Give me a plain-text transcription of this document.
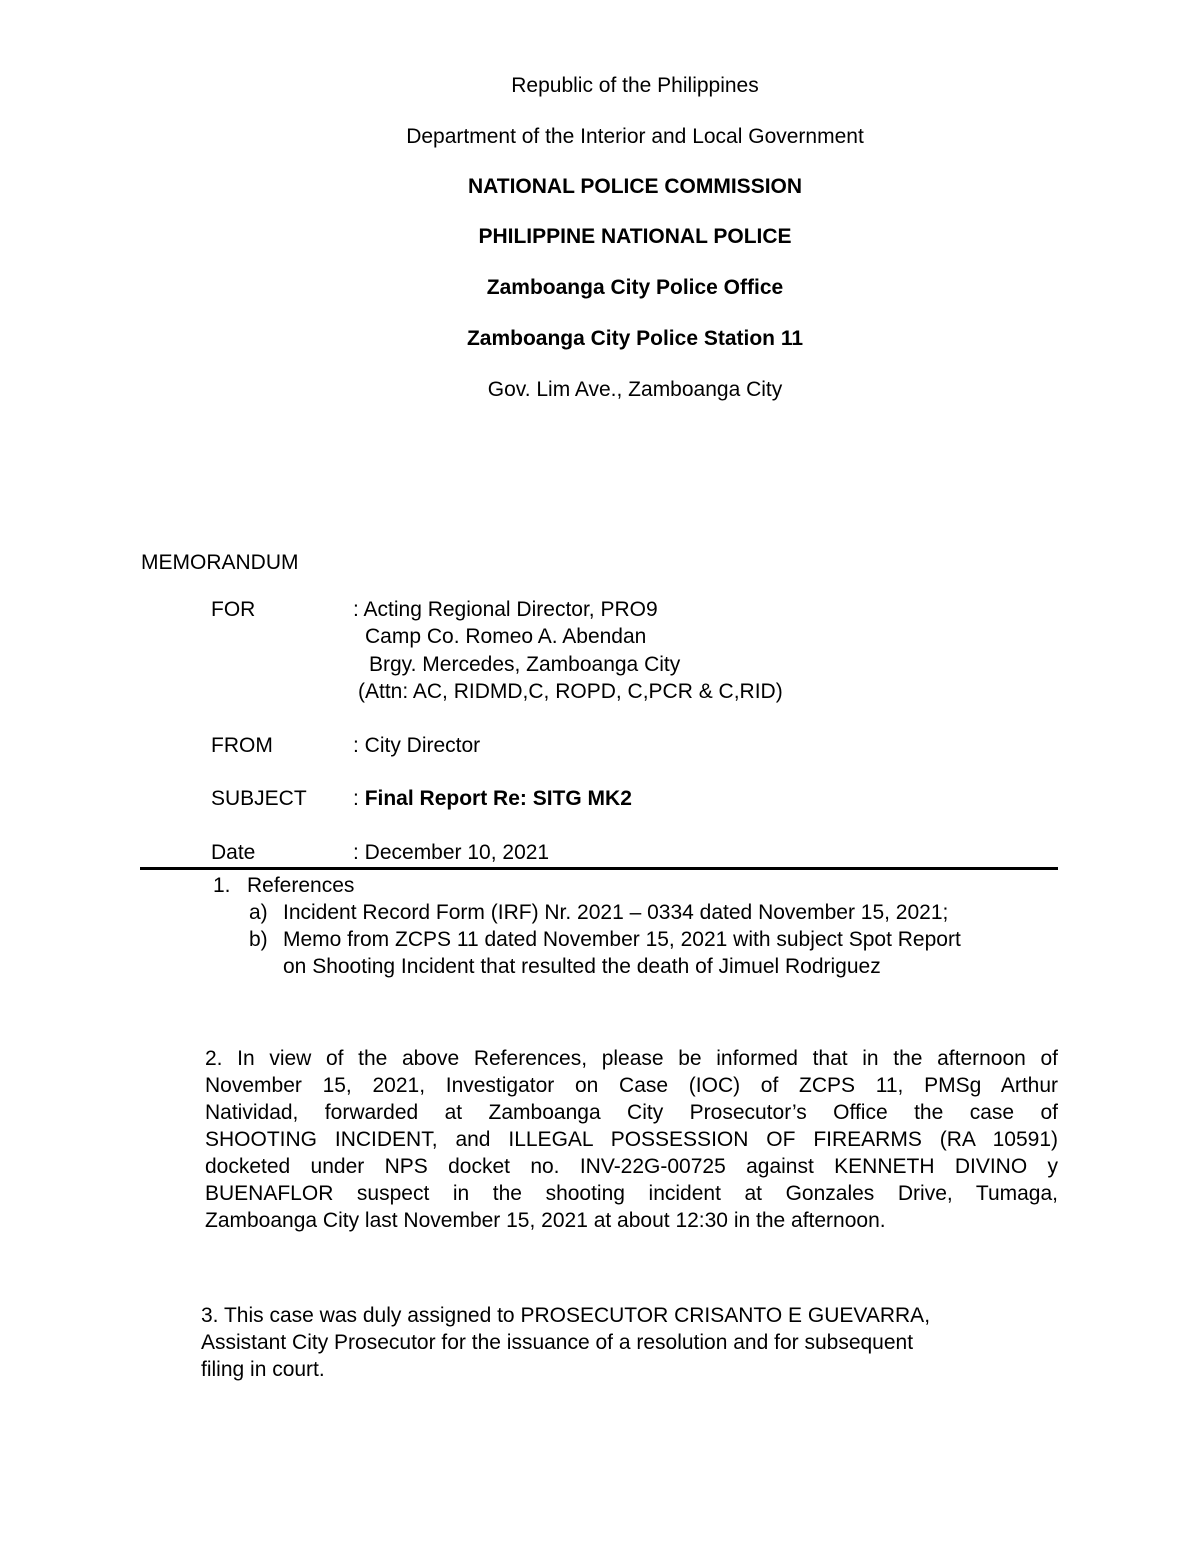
Republic of the Philippines
Department of the Interior and Local Government
NATIONAL POLICE COMMISSION
PHILIPPINE NATIONAL POLICE
Zamboanga City Police Office
Zamboanga City Police Station 11
Gov. Lim Ave., Zamboanga City
MEMORANDUM
FOR	: Acting Regional Director, PRO9
Camp Co. Romeo A. Abendan
Brgy. Mercedes, Zamboanga City
(Attn: AC, RIDMD,C, ROPD, C,PCR & C,RID)
FROM	: City Director
SUBJECT : Final Report Re: SITG MK2
Date	: December 10, 2021
1. References
a) Incident Record Form (IRF) Nr. 2021 – 0334 dated November 15, 2021;
b) Memo from ZCPS 11 dated November 15, 2021 with subject Spot Report
on Shooting Incident that resulted the death of Jimuel Rodriguez
2. In view of the above References, please be informed that in the afternoon of
November 15, 2021, Investigator on Case (IOC) of ZCPS 11, PMSg Arthur
Natividad, forwarded at Zamboanga City Prosecutor’s Office the case of
SHOOTING INCIDENT, and ILLEGAL POSSESSION OF FIREARMS (RA 10591)
docketed under NPS docket no. INV-22G-00725 against KENNETH DIVINO y
BUENAFLOR suspect in the shooting incident at Gonzales Drive, Tumaga,
Zamboanga City last November 15, 2021 at about 12:30 in the afternoon.
3. This case was duly assigned to PROSECUTOR CRISANTO E GUEVARRA,
Assistant City Prosecutor for the issuance of a resolution and for subsequent
filing in court.
